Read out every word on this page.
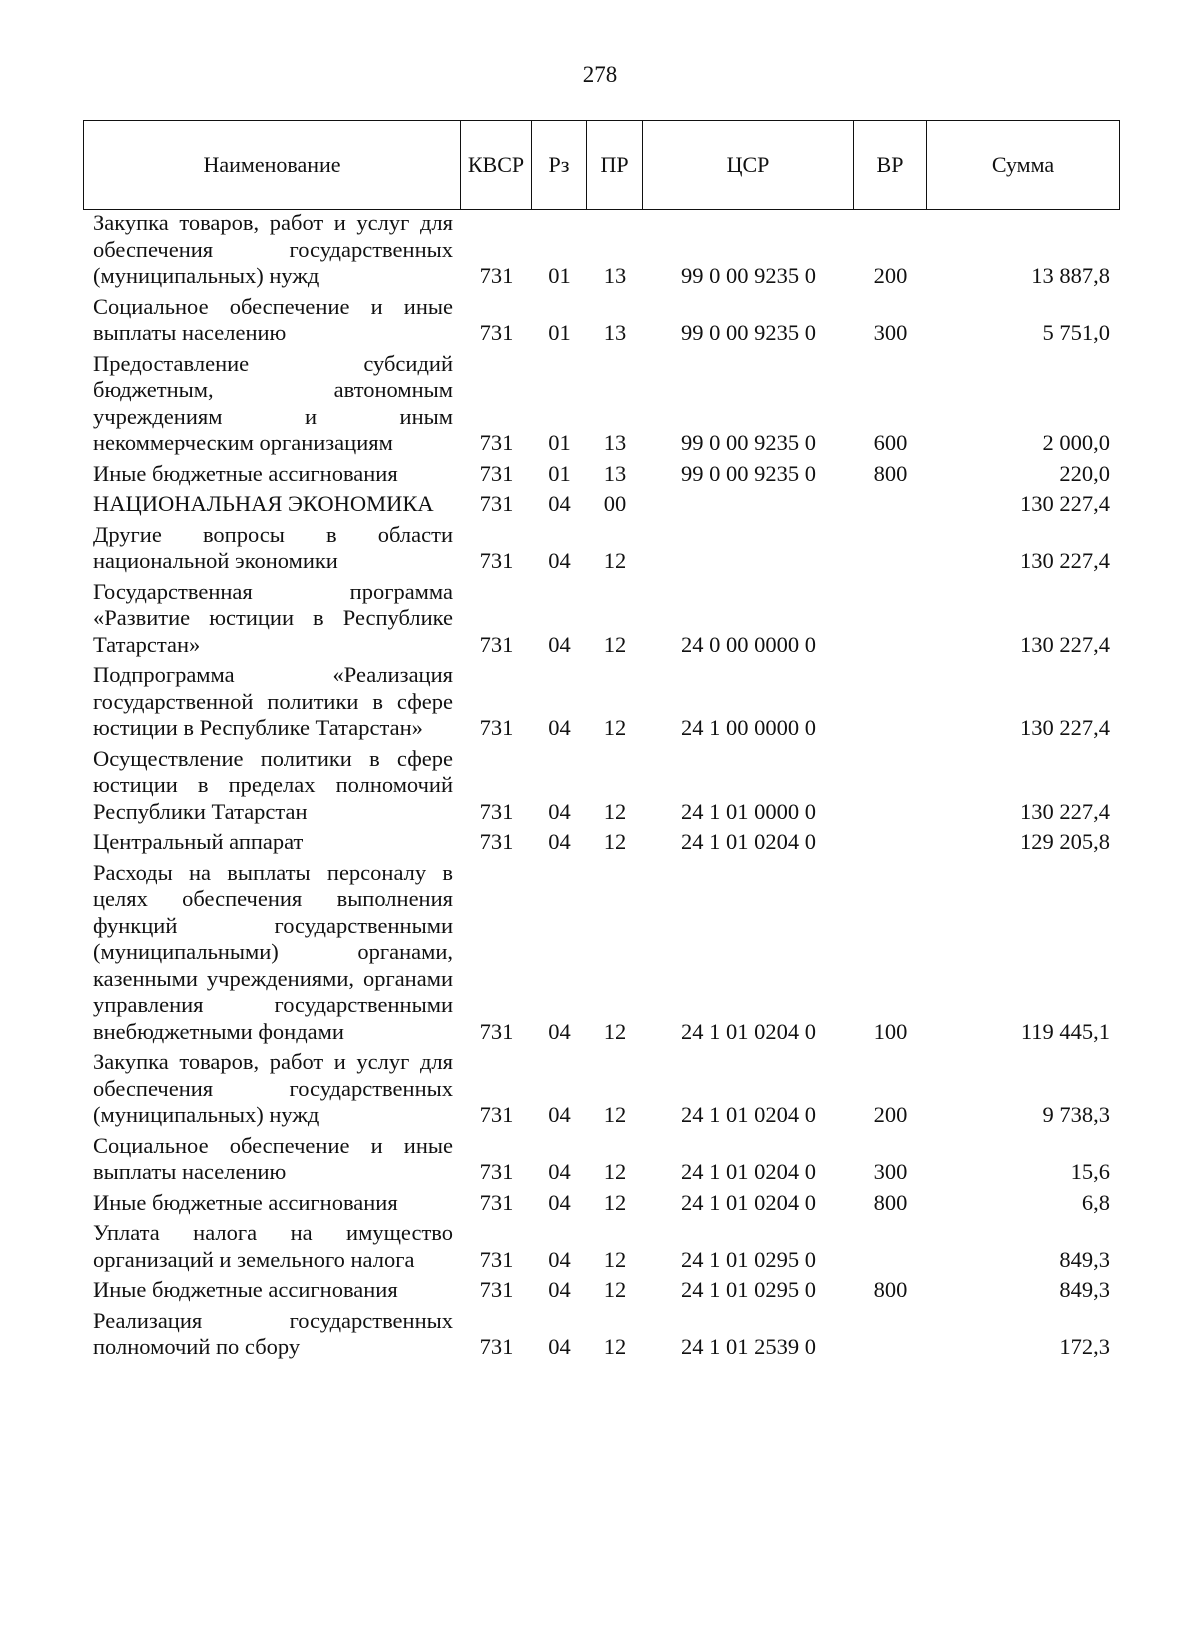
278
Наименование	КВСР	Рз	ПР	ЦСР	ВР	Сумма
Закупка товаров, работ и услуг для обеспечения государственных (муниципальных) нужд	731	01	13	99 0 00 9235 0	200	13 887,8
Социальное обеспечение и иные выплаты населению	731	01	13	99 0 00 9235 0	300	5 751,0
Предоставление субсидий бюджетным, автономным учреждениям и иным некоммерческим организациям	731	01	13	99 0 00 9235 0	600	2 000,0
Иные бюджетные ассигнования	731	01	13	99 0 00 9235 0	800	220,0
НАЦИОНАЛЬНАЯ ЭКОНОМИКА	731	04	00			130 227,4
Другие вопросы в области национальной экономики	731	04	12			130 227,4
Государственная программа «Развитие юстиции в Республике Татарстан»	731	04	12	24 0 00 0000 0		130 227,4
Подпрограмма «Реализация государственной политики в сфере юстиции в Республике Татарстан»	731	04	12	24 1 00 0000 0		130 227,4
Осуществление политики в сфере юстиции в пределах полномочий Республики Татарстан	731	04	12	24 1 01 0000 0		130 227,4
Центральный аппарат	731	04	12	24 1 01 0204 0		129 205,8
Расходы на выплаты персоналу в целях обеспечения выполнения функций государственными (муниципальными) органами, казенными учреждениями, органами управления государственными внебюджетными фондами	731	04	12	24 1 01 0204 0	100	119 445,1
Закупка товаров, работ и услуг для обеспечения государственных (муниципальных) нужд	731	04	12	24 1 01 0204 0	200	9 738,3
Социальное обеспечение и иные выплаты населению	731	04	12	24 1 01 0204 0	300	15,6
Иные бюджетные ассигнования	731	04	12	24 1 01 0204 0	800	6,8
Уплата налога на имущество организаций и земельного налога	731	04	12	24 1 01 0295 0		849,3
Иные бюджетные ассигнования	731	04	12	24 1 01 0295 0	800	849,3
Реализация государственных полномочий по сбору	731	04	12	24 1 01 2539 0		172,3
